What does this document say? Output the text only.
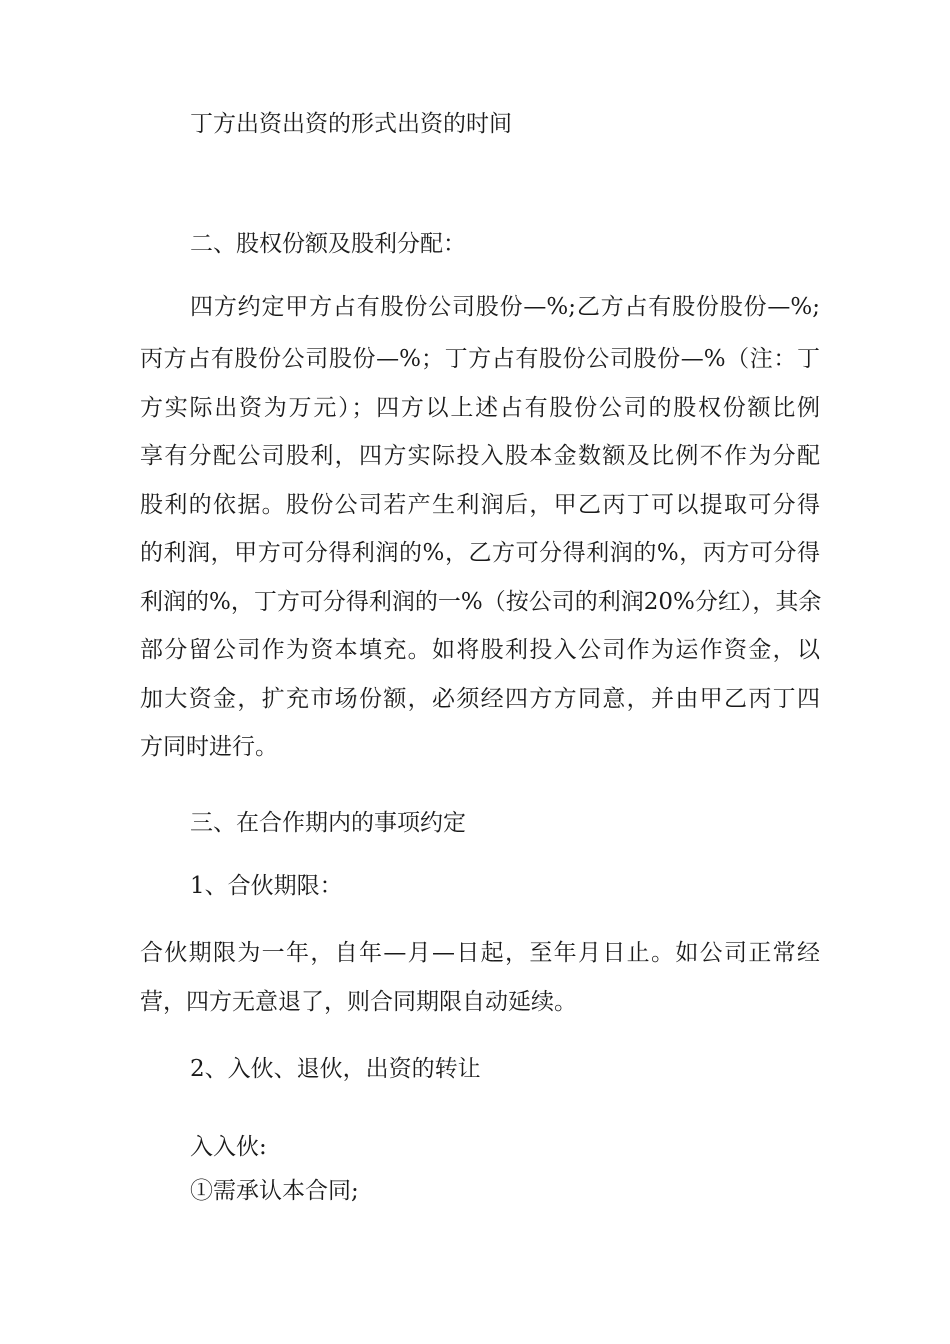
丁方出资出资的形式出资的时间
二、股权份额及股利分配：
四方约定甲方占有股份公司股份—%;乙方占有股份股份—%;
丙方占有股份公司股份—%；丁方占有股份公司股份—%（注：丁
方实际出资为万元）；四方以上述占有股份公司的股权份额比例
享有分配公司股利，四方实际投入股本金数额及比例不作为分配
股利的依据。股份公司若产生利润后，甲乙丙丁可以提取可分得
的利润，甲方可分得利润的%，乙方可分得利润的%，丙方可分得
利润的%，丁方可分得利润的一%（按公司的利润20%分红），其余
部分留公司作为资本填充。如将股利投入公司作为运作资金，以
加大资金，扩充市场份额，必须经四方方同意，并由甲乙丙丁四
方同时进行。
三、在合作期内的事项约定
1、合伙期限：
合伙期限为一年，自年—月—日起，至年月日止。如公司正常经
营，四方无意退了，则合同期限自动延续。
2、入伙、退伙，出资的转让
入入伙:
①需承认本合同;
